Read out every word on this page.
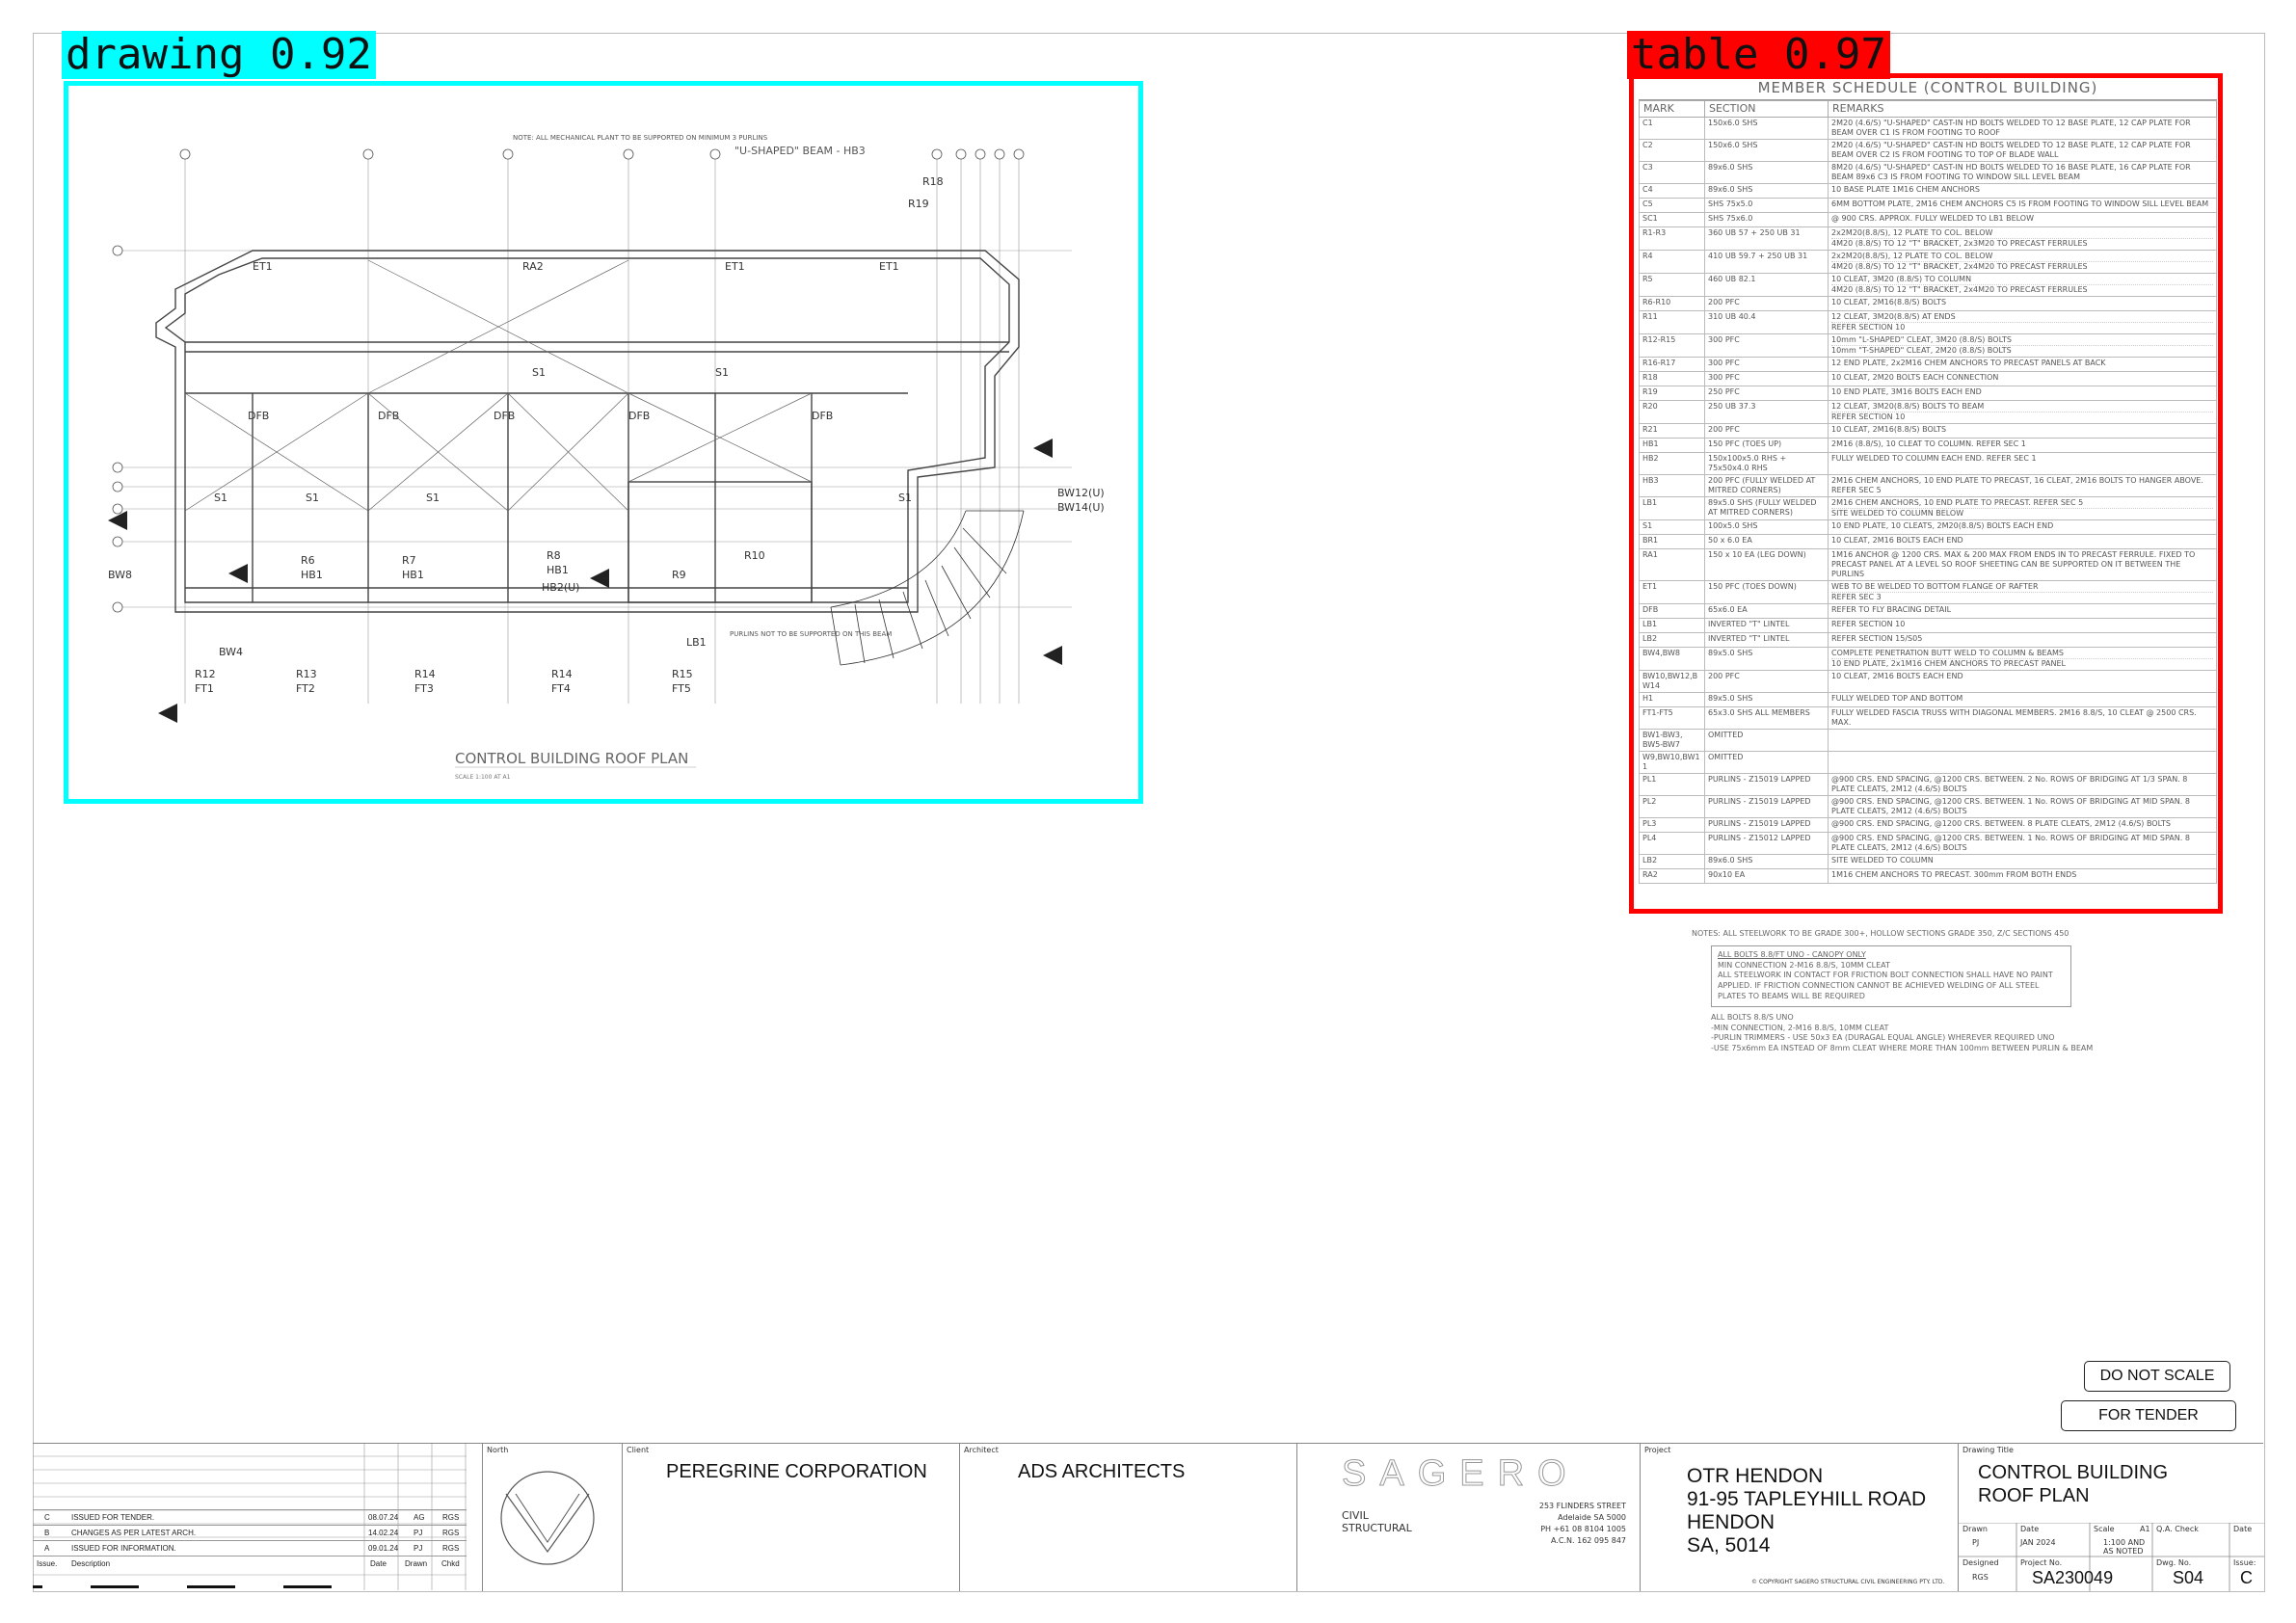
drawing 0.92
ET1	RA2	ET1	ET1
R19
R18
S1	S1	S1
S1	S1
S1
DFB	DFB	DFB	DFB	DFB
HB1	HB1	HB1
HB2(U)
LB1
BW4
BW8
BW12(U)
BW14(U)
R12
FT1
R13
FT2
R14
FT3
R14
FT4
R15
FT5
R6	R7	R8
R9
R10
NOTE: ALL MECHANICAL PLANT TO BE SUPPORTED ON MINIMUM 3 PURLINS
PURLINS NOT TO BE SUPPORTED ON THIS BEAM
"U-SHAPED" BEAM - HB3
CONTROL BUILDING ROOF PLAN
SCALE 1:100 AT A1
table 0.97
MEMBER SCHEDULE (CONTROL BUILDING)
MARK	SECTION	REMARKS
C1	150x6.0 SHS	2M20 (4.6/S) "U-SHAPED" CAST-IN HD BOLTS WELDED TO 12 BASE PLATE, 12 CAP PLATE FOR BEAM OVER C1 IS FROM FOOTING TO ROOF
C2	150x6.0 SHS	2M20 (4.6/S) "U-SHAPED" CAST-IN HD BOLTS WELDED TO 12 BASE PLATE, 12 CAP PLATE FOR BEAM OVER C2 IS FROM FOOTING TO TOP OF BLADE WALL
C3	89x6.0 SHS	8M20 (4.6/S) "U-SHAPED" CAST-IN HD BOLTS WELDED TO 16 BASE PLATE, 16 CAP PLATE FOR BEAM 89x6 C3 IS FROM FOOTING TO WINDOW SILL LEVEL BEAM
C4	89x6.0 SHS	10 BASE PLATE 1M16 CHEM ANCHORS
C5	SHS 75x5.0	6MM BOTTOM PLATE, 2M16 CHEM ANCHORS C5 IS FROM FOOTING TO WINDOW SILL LEVEL BEAM
SC1	SHS 75x6.0	@ 900 CRS. APPROX. FULLY WELDED TO LB1 BELOW
R1-R3	360 UB 57 + 250 UB 31	2x2M20(8.8/S), 12 PLATE TO COL. BELOW
4M20 (8.8/S) TO 12 "T" BRACKET, 2x3M20 TO PRECAST FERRULES

R4	410 UB 59.7 + 250 UB 31	2x2M20(8.8/S), 12 PLATE TO COL. BELOW
4M20 (8.8/S) TO 12 "T" BRACKET, 2x4M20 TO PRECAST FERRULES

R5	460 UB 82.1	10 CLEAT, 3M20 (8.8/S) TO COLUMN
4M20 (8.8/S) TO 12 "T" BRACKET, 2x4M20 TO PRECAST FERRULES

R6-R10	200 PFC	10 CLEAT, 2M16(8.8/S) BOLTS
R11	310 UB 40.4	12 CLEAT, 3M20(8.8/S) AT ENDS
REFER SECTION 10

R12-R15	300 PFC	10mm "L-SHAPED" CLEAT, 3M20 (8.8/S) BOLTS
10mm "T-SHAPED" CLEAT, 2M20 (8.8/S) BOLTS

R16-R17	300 PFC	12 END PLATE, 2x2M16 CHEM ANCHORS TO PRECAST PANELS AT BACK
R18	300 PFC	10 CLEAT, 2M20 BOLTS EACH CONNECTION
R19	250 PFC	10 END PLATE, 3M16 BOLTS EACH END
R20	250 UB 37.3	12 CLEAT, 3M20(8.8/S) BOLTS TO BEAM
REFER SECTION 10

R21	200 PFC	10 CLEAT, 2M16(8.8/S) BOLTS
HB1	150 PFC (TOES UP)	2M16 (8.8/S), 10 CLEAT TO COLUMN. REFER SEC 1
HB2	150x100x5.0 RHS + 75x50x4.0 RHS	FULLY WELDED TO COLUMN EACH END. REFER SEC 1
HB3	200 PFC (FULLY WELDED AT MITRED CORNERS)	2M16 CHEM ANCHORS, 10 END PLATE TO PRECAST, 16 CLEAT, 2M16 BOLTS TO HANGER ABOVE. REFER SEC 5
LB1	89x5.0 SHS (FULLY WELDED AT MITRED CORNERS)	2M16 CHEM ANCHORS, 10 END PLATE TO PRECAST. REFER SEC 5
SITE WELDED TO COLUMN BELOW

S1	100x5.0 SHS	10 END PLATE, 10 CLEATS, 2M20(8.8/S) BOLTS EACH END
BR1	50 x 6.0 EA	10 CLEAT, 2M16 BOLTS EACH END
RA1	150 x 10 EA (LEG DOWN)	1M16 ANCHOR @ 1200 CRS. MAX & 200 MAX FROM ENDS IN TO PRECAST FERRULE. FIXED TO PRECAST PANEL AT A LEVEL SO ROOF SHEETING CAN BE SUPPORTED ON IT BETWEEN THE PURLINS
ET1	150 PFC (TOES DOWN)	WEB TO BE WELDED TO BOTTOM FLANGE OF RAFTER
REFER SEC 3

DFB	65x6.0 EA	REFER TO FLY BRACING DETAIL
LB1	INVERTED "T" LINTEL	REFER SECTION 10
LB2	INVERTED "T" LINTEL	REFER SECTION 15/S05
BW4,BW8	89x5.0 SHS	COMPLETE PENETRATION BUTT WELD TO COLUMN & BEAMS
10 END PLATE, 2x1M16 CHEM ANCHORS TO PRECAST PANEL

BW10,BW12,BW14	200 PFC	10 CLEAT, 2M16 BOLTS EACH END
H1	89x5.0 SHS	FULLY WELDED TOP AND BOTTOM
FT1-FT5	65x3.0 SHS ALL MEMBERS	FULLY WELDED FASCIA TRUSS WITH DIAGONAL MEMBERS. 2M16 8.8/S, 10 CLEAT @ 2500 CRS. MAX.
BW1-BW3, BW5-BW7	OMITTED	
W9,BW10,BW11	OMITTED	
PL1	PURLINS - Z15019 LAPPED	@900 CRS. END SPACING, @1200 CRS. BETWEEN. 2 No. ROWS OF BRIDGING AT 1/3 SPAN. 8 PLATE CLEATS, 2M12 (4.6/S) BOLTS
PL2	PURLINS - Z15019 LAPPED	@900 CRS. END SPACING, @1200 CRS. BETWEEN. 1 No. ROWS OF BRIDGING AT MID SPAN. 8 PLATE CLEATS, 2M12 (4.6/S) BOLTS
PL3	PURLINS - Z15019 LAPPED	@900 CRS. END SPACING, @1200 CRS. BETWEEN. 8 PLATE CLEATS, 2M12 (4.6/S) BOLTS
PL4	PURLINS - Z15012 LAPPED	@900 CRS. END SPACING, @1200 CRS. BETWEEN. 1 No. ROWS OF BRIDGING AT MID SPAN. 8 PLATE CLEATS, 2M12 (4.6/S) BOLTS
LB2	89x6.0 SHS	SITE WELDED TO COLUMN
RA2	90x10 EA	1M16 CHEM ANCHORS TO PRECAST. 300mm FROM BOTH ENDS
NOTES: ALL STEELWORK TO BE GRADE 300+, HOLLOW SECTIONS GRADE 350, Z/C SECTIONS 450
ALL BOLTS 8.8/FT UNO - CANOPY ONLY
MIN CONNECTION 2-M16 8.8/S, 10MM CLEAT
ALL STEELWORK IN CONTACT FOR FRICTION BOLT CONNECTION SHALL HAVE NO PAINT APPLIED. IF FRICTION CONNECTION CANNOT BE ACHIEVED WELDING OF ALL STEEL PLATES TO BEAMS WILL BE REQUIRED
ALL BOLTS 8.8/S UNO
-MIN CONNECTION, 2-M16 8.8/S, 10MM CLEAT
-PURLIN TRIMMERS - USE 50x3 EA (DURAGAL EQUAL ANGLE) WHEREVER REQUIRED UNO
-USE 75x6mm EA INSTEAD OF 8mm CLEAT WHERE MORE THAN 100mm BETWEEN PURLIN & BEAM
DO NOT SCALE
FOR TENDER
C	ISSUED FOR TENDER.	08.07.24 AG RGS
B	CHANGES AS PER LATEST ARCH.	14.02.24 PJ	RGS
A	ISSUED FOR INFORMATION.	09.01.24 PJ	RGS
Issue. Description	Date Drawn Chkd
North	Client
PEREGRINE CORPORATION
Architect
ADS ARCHITECTS	SAGERO
CIVIL
STRUCTURAL
253 FLINDERS STREET
Adelaide SA 5000
PH +61 08 8104 1005
A.C.N. 162 095 847
Project
OTR HENDON
91-95 TAPLEYHILL ROAD
HENDON
SA, 5014
© COPYRIGHT SAGERO STRUCTURAL CIVIL ENGINEERING PTY. LTD.
Drawing Title
CONTROL BUILDING
ROOF PLAN
Drawn
PJ
Date
JAN 2024
Scale	A1
1:100 AND AS NOTED
Q.A. Check	Date
Designed
RGS
Project No.
SA230049
Dwg. No.
S04
Issue:
C
